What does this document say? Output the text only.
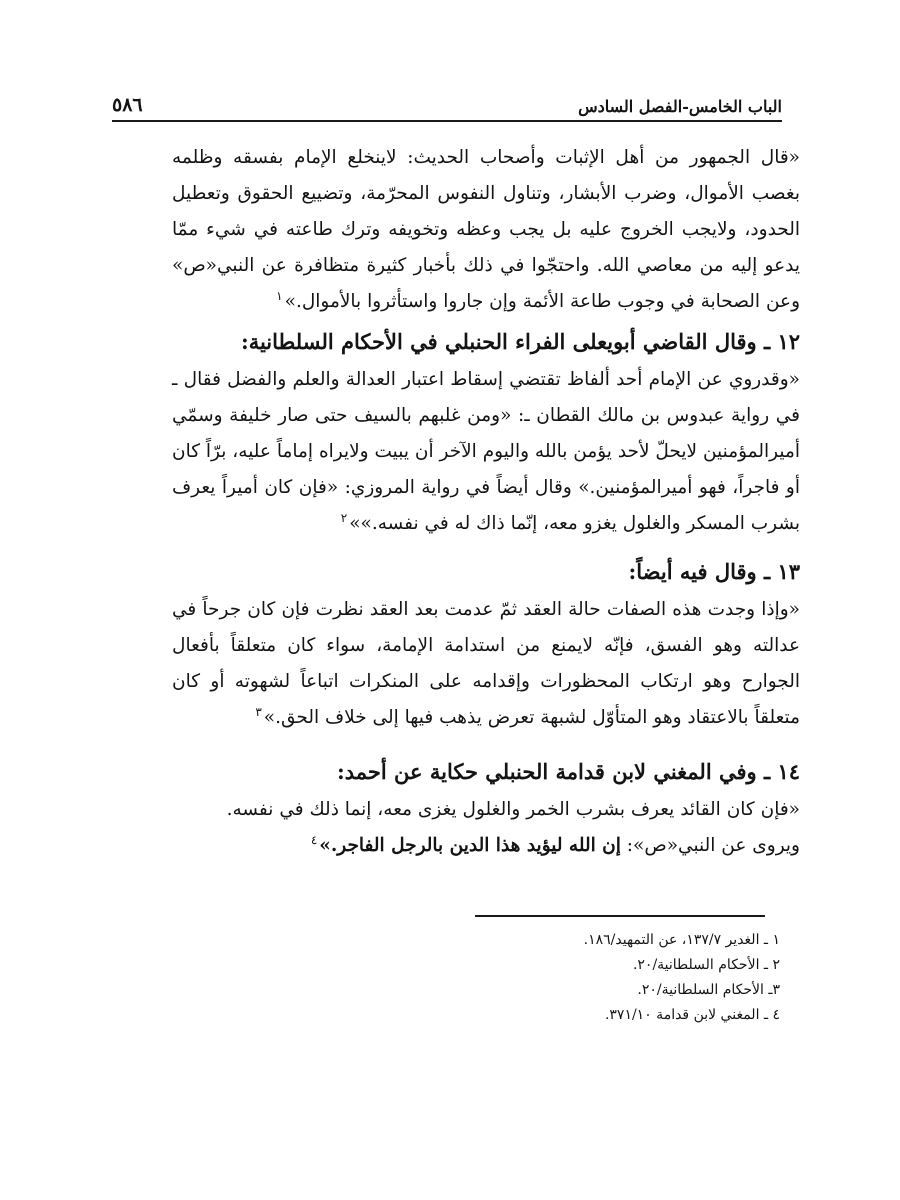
الباب الخامس-الفصل السادس
٥٨٦

«قال الجمهور من أهل الإثبات وأصحاب الحديث: لاينخلع الإمام بفسقه وظلمه بغصب الأموال، وضرب الأبشار، وتناول النفوس المحرّمة، وتضييع الحقوق وتعطيل الحدود، ولايجب الخروج عليه بل يجب وعظه وتخويفه وترك طاعته في شيء ممّا يدعو إليه من معاصي الله. واحتجّوا في ذلك بأخبار كثيرة متظافرة عن النبي«ص» وعن الصحابة في وجوب طاعة الأئمة وإن جاروا واستأثروا بالأموال.»$^١$

١٢ ـ وقال القاضي أبويعلى الفراء الحنبلي في الأحكام السلطانية:

«وقدروي عن الإمام أحد ألفاظ تقتضي إسقاط اعتبار العدالة والعلم والفضل فقال ـ في رواية عبدوس بن مالك القطان ـ: «ومن غلبهم بالسيف حتى صار خليفة وسمّي أميرالمؤمنين لايحلّ لأحد يؤمن بالله واليوم الآخر أن يبيت ولايراه إماماً عليه، برّاً كان أو فاجراً، فهو أميرالمؤمنين.» وقال أيضاً في رواية المروزي: «فإن كان أميراً يعرف بشرب المسكر والغلول يغزو معه، إنّما ذاك له في نفسه.»»$^٢$

١٣ ـ وقال فيه أيضاً:

«وإذا وجدت هذه الصفات حالة العقد ثمّ عدمت بعد العقد نظرت فإن كان جرحاً في عدالته وهو الفسق، فإنّه لايمنع من استدامة الإمامة، سواء كان متعلقاً بأفعال الجوارح وهو ارتكاب المحظورات وإقدامه على المنكرات اتباعاً لشهوته أو كان متعلقاً بالاعتقاد وهو المتأوّل لشبهة تعرض يذهب فيها إلى خلاف الحق.»$^٣$

١٤ ـ وفي المغني لابن قدامة الحنبلي حكاية عن أحمد:

«فإن كان القائد يعرف بشرب الخمر والغلول يغزى معه، إنما ذلك في نفسه.
ويروى عن النبي«ص»: إن الله ليؤيد هذا الدين بالرجل الفاجر.»$^٤$

١ ـ الغدير ١٣٧/٧، عن التمهيد/١٨٦.
٢ ـ الأحكام السلطانية/٢٠.
٣ـ الأحكام السلطانية/٢٠.
٤ ـ المغني لابن قدامة ٣٧١/١٠.
